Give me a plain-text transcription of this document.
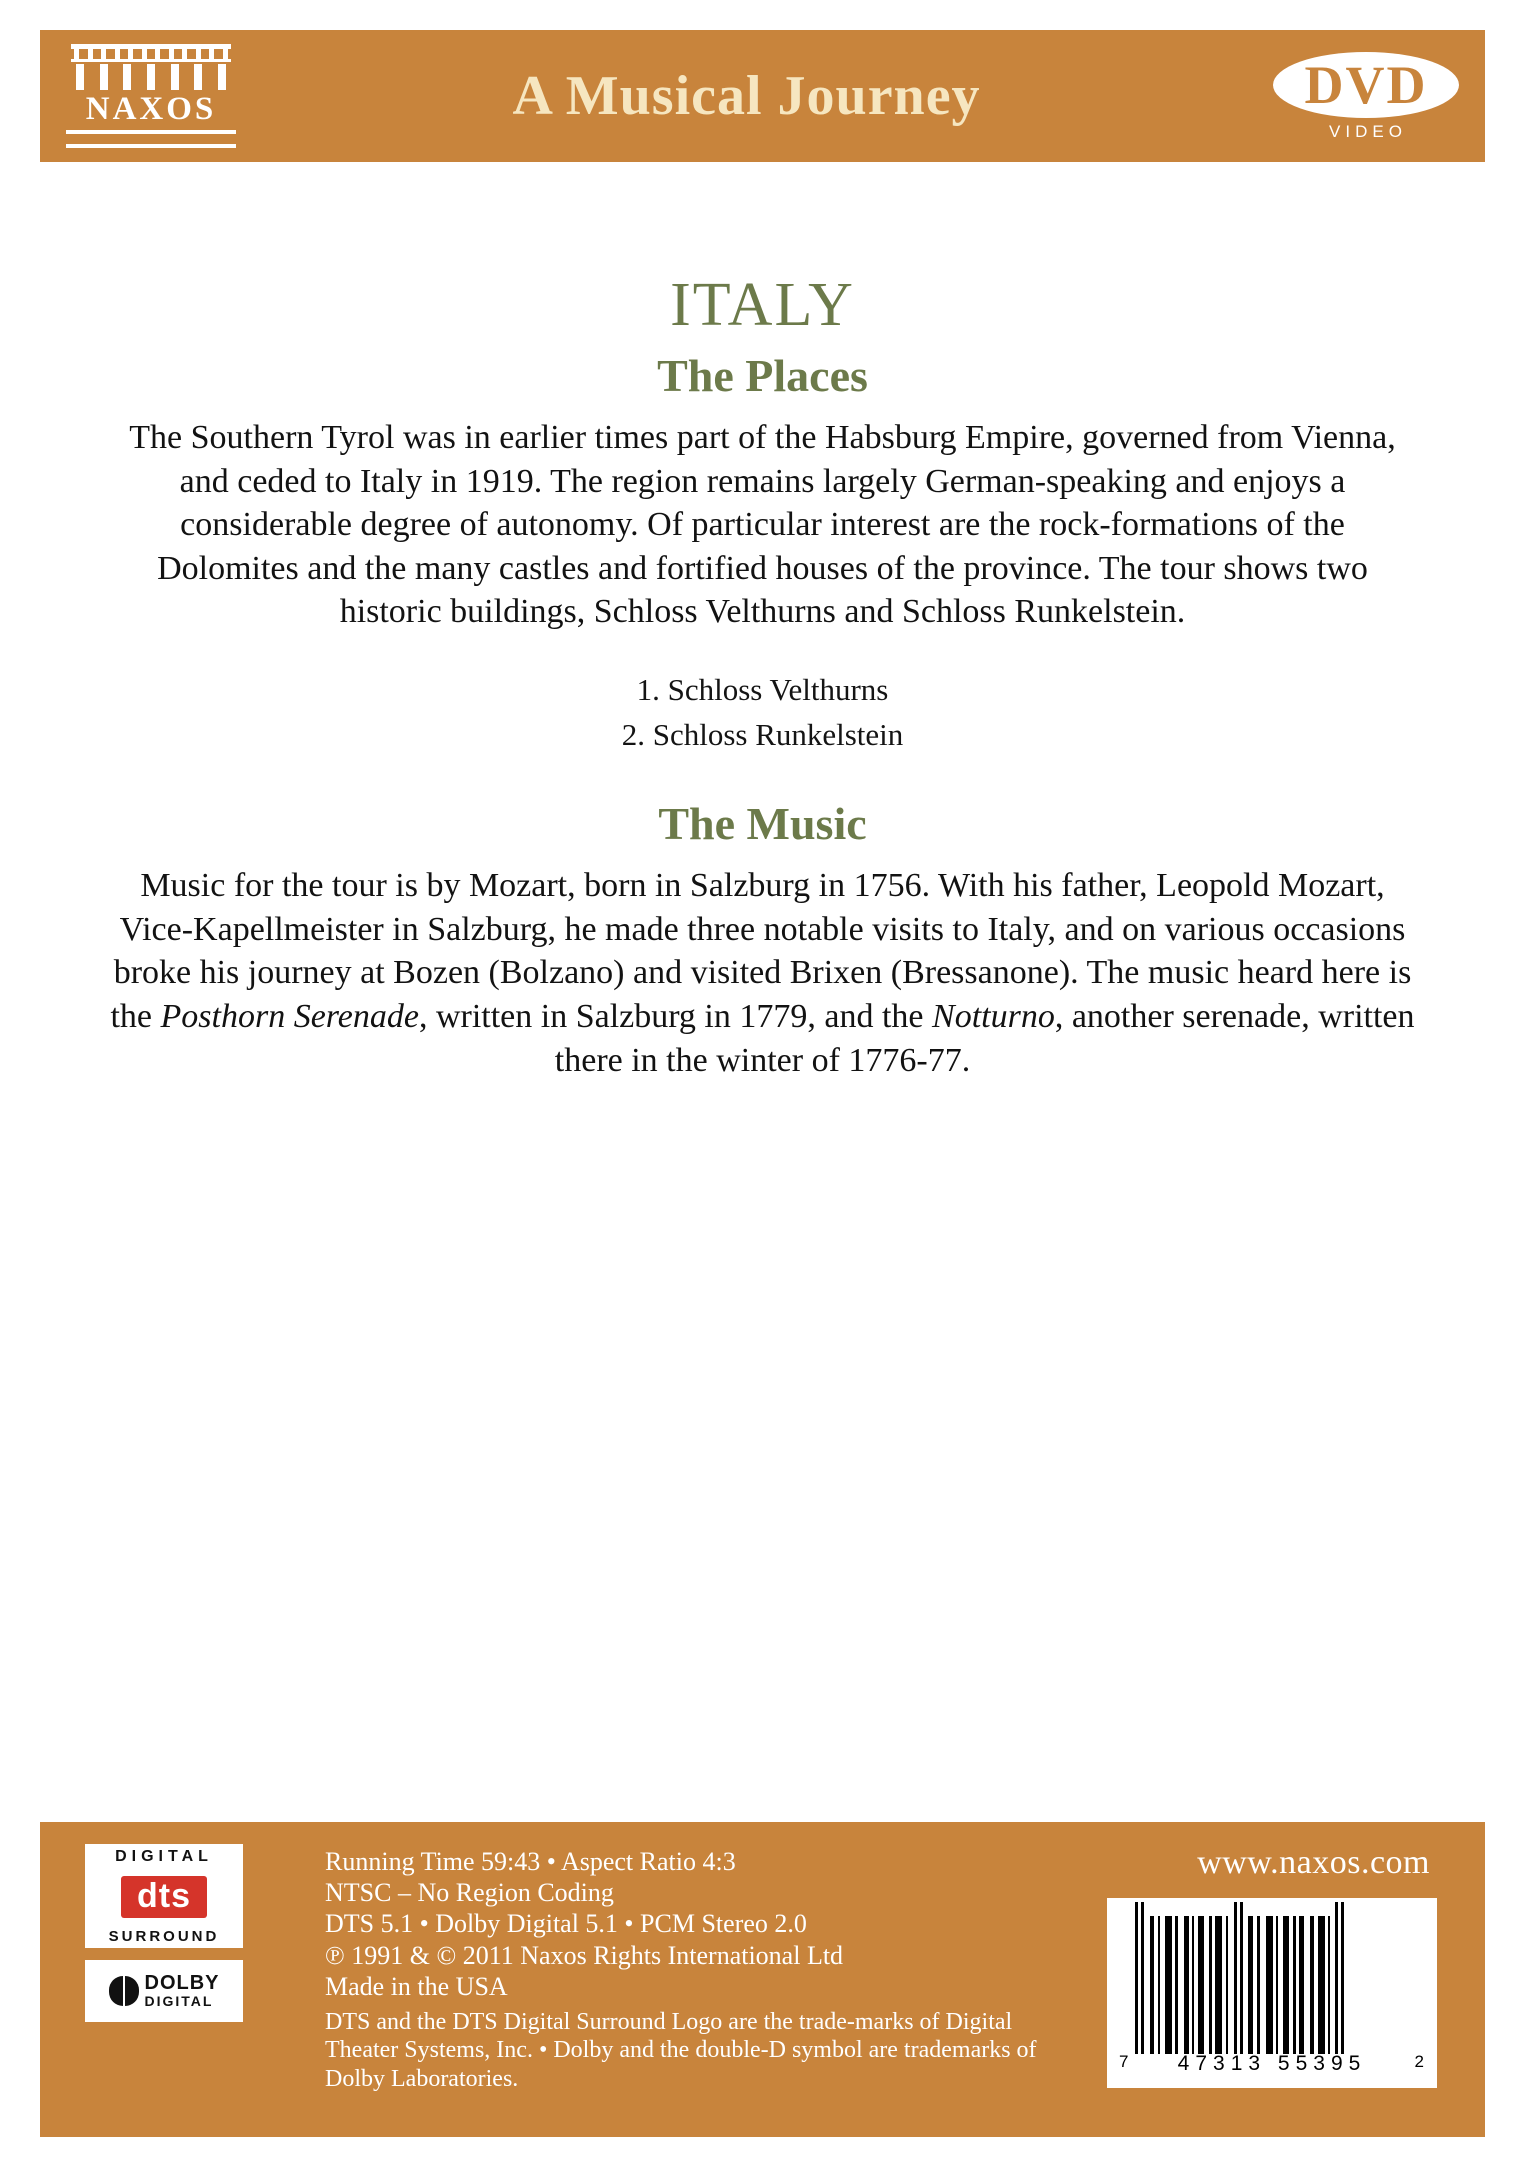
NAXOS	A Musical Journey	DVD
VIDEO
ITALY
The Places
The Southern Tyrol was in earlier times part of the Habsburg Empire, governed from Vienna, and ceded to Italy in 1919. The region remains largely German-speaking and enjoys a considerable degree of autonomy. Of particular interest are the rock-formations of the Dolomites and the many castles and fortified houses of the province. The tour shows two historic buildings, Schloss Velthurns and Schloss Runkelstein.
1. Schloss Velthurns
2. Schloss Runkelstein
The Music
Music for the tour is by Mozart, born in Salzburg in 1756. With his father, Leopold Mozart, Vice-Kapellmeister in Salzburg, he made three notable visits to Italy, and on various occasions broke his journey at Bozen (Bolzano) and visited Brixen (Bressanone). The music heard here is the Posthorn Serenade, written in Salzburg in 1779, and the Notturno, another serenade, written there in the winter of 1776-77.
DIGITAL
dts
SURROUND
DOLBY
DIGITAL
Running Time 59:43 • Aspect Ratio 4:3
NTSC – No Region Coding
DTS 5.1 • Dolby Digital 5.1 • PCM Stereo 2.0
℗ 1991 & © 2011 Naxos Rights International Ltd
Made in the USA
DTS and the DTS Digital Surround Logo are the trade-marks of Digital Theater Systems, Inc. • Dolby and the double-D symbol are trademarks of Dolby Laboratories.
www.naxos.com
7 47313 55395	2
